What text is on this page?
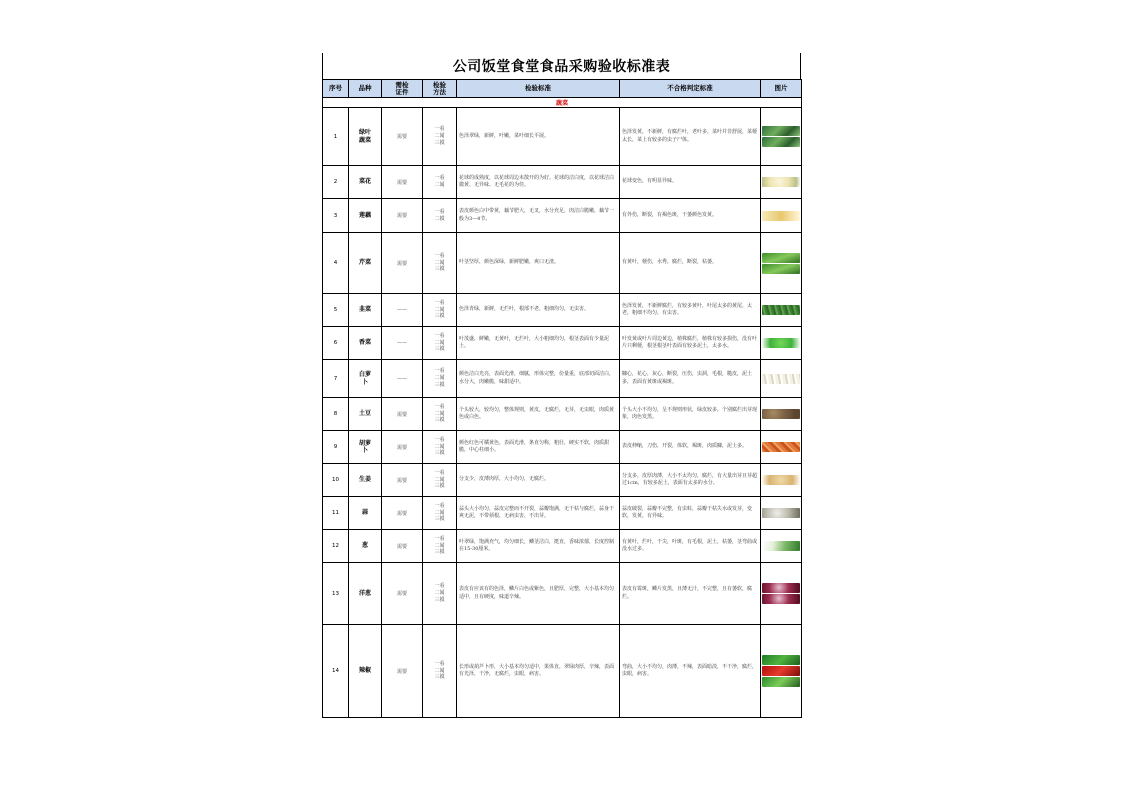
公司饭堂食堂食品采购验收标准表
序号	品种	需检证件	检验方法	检验标准	不合格判定标准	图片
蔬菜						
1	绿叶蔬菜	需要	一看二闻三摸	色泽翠绿，新鲜，叶嫩，菜叶细长平展。	色泽发黄，不新鲜，有腐烂叶，老叶多，菜叶并非舒展，菜梗太长，菜上有较多的虫子尸体。	

2	菜花	需要	一看二闻	花球的成熟度，以花球周边未散开的为好。花球的洁白度，以花球洁白微黄、无异味、无毛花的为佳。	花球变色，有明显异味。	

3	莲藕	需要	一看二摸	表皮颜色白中带黄，藕节肥大，无叉，水分充足，肉洁白脆嫩，藕节一般为3—4节。	有外伤，断裂，有褐色斑，干萎颜色发黄。	

4	芹菜	需要	一看二闻三摸	叶茎坚厚，颜色深绿，新鲜肥嫩，爽口无渣。	有黄叶，梗伤，水秀，腐烂，断裂，枯萎。	

5	韭菜	——	一看二闻三摸	色泽青绿，新鲜，无烂叶，根部不老，粗细均匀，无虫害。	色泽发黄，不新鲜腐烂，有较多黄叶，叶尾太多的黄尾，太老，粗细不均匀，有虫害。	

6	香菜	——	一看二闻三摸	叶茂盛，鲜嫩，无黄叶，无烂叶，大小粗细均匀，根茎表面有少量泥土。	叶发黄或叶片周边黄边，植株腐烂，植株有较多损伤，没有叶片只剩梗，根茎根茎叶表面有较多泥土，太多水。	

7	白萝卜	——	一看二闻三摸	颜色洁白光亮，表面光滑，细腻，形体完整，份量重，底部切面洁白，水分大，肉嫩脆，味甜适中。	糠心，花心，灰心，断裂，压伤，虫洞，毛根，糙皮，泥土多，表面有黄斑或褐斑。	

8	土豆	需要	一看二闻三摸	个头较大，较均匀，整体规则，黄皮，无腐烂，无芽，无虫眼，肉质黄色或白色。	个头大小不均匀，呈不规则形状，绿皮较多，个别腐烂出芽现象，肉色发黑。	

9	胡萝卜	需要	一看二闻三摸	颜色红色可橘黄色，表面光滑，条直匀称，粗壮，硬实不软，肉质甜脆，中心柱细小。	表皮伸缩，刀伤，开裂，体软，褐斑，肉质糠，泥土多。	

10	生姜	需要	一看二闻三摸	分支少，皮薄肉厚，大小均匀，无腐烂。	分支多，皮厚肉薄，大小不太均匀，腐烂，有大量出芽且芽超过1cm，有较多泥土，表面有太多的水分。	

11	蒜	需要	一看二闻三摸	蒜头大小均匀，蒜皮完整而不开裂，蒜瓣饱满，无干枯与腐烂，蒜身干爽无泥，不带须根，无病虫害，不出芽。	蒜皮破裂，蒜瓣不完整，有虫蛀，蒜瓣干枯失水或发芽，变软，发黄，有异味。	

12	葱	需要	一看二闻三摸	叶翠绿，饱满充气，均匀细长，鳞茎洁白，挺直，香味浓郁，长度控制在15-30厘米。	有黄叶，烂叶，干尖，叶斑，有毛根，泥土，枯萎，茎弯曲或没水过多。	

13	洋葱	需要	一看二闻三摸	表皮有应该有的色泽，鳞片白色或紫色，且肥厚，完整，大小基本均匀适中，且有硬度，味道辛辣。	表皮有霉斑，鳞片发黑，且薄无汁，不完整，且有萎软，腐烂。	

14	辣椒	需要	一看二闻三摸	长形或葫芦卜形，大小基本均匀适中，果体直，翠绿肉厚，辛辣，表面有光泽，干净，无腐烂，虫眼，病害。	弯曲，大小不均匀，肉薄，不辣，表面暗淡，不干净，腐烂，虫眼，病害。	
